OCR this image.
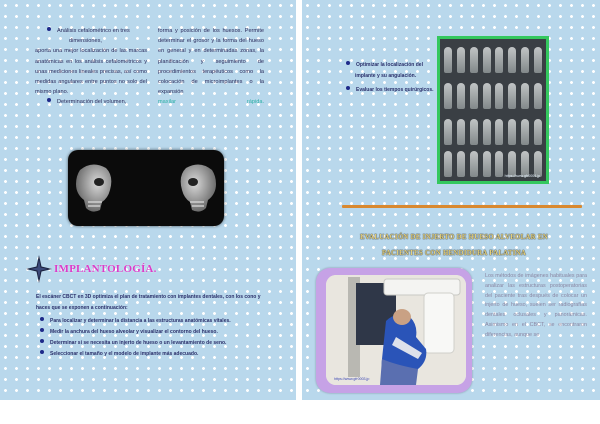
Análisis cefalométrico en tres
dimensiones,
aporta una mejor localización de las marcas anatómicas en los análisis cefalométricos y unas mediciones lineales precisas, así como medidas angulares entre puntos no solo del mismo plano.
Determinación del volumen,
forma y posición de los huesos. Permite determinar el grosor y la forma del hueso en general y en determinadas zonas, la planificación y seguimiento de procedimientos terapéuticos como la colocación de microimplantes o la expansión
maxilar	rápida.
IMPLANTOLOGÍA.
El escáner CBCT en 3D optimiza el plan de tratamiento con implantes dentales, con los cono y haces que se exponen a continuación:
Para localizar y determinar la distancia a las estructuras anatómicas vitales.
Medir la anchura del hueso alveolar y visualizar el contorno del hueso.
Determinar si se necesita un injerto de hueso o un levantamiento de seno.
Seleccionar el tamaño y el modelo de implante más adecuado.
Optimizar la localización del implante y su angulación.
Evaluar los tiempos quirúrgicos.
https://www.gfr0004.jp
EVALUACIÓN DE INJERTO DE HUESO ALVEOLAR EN
PACIENTES CON HENDIDURA PALATINA
https://www.gfr0003.jp
Los métodos de imágenes habituales para analizar las estructuras postoperatorias del paciente tras después de colocar un injerto de hueso, suelen ser radiografías dentales oclusales y panorámicas. Asimismo en el CBCT, se encontraron diferencias, aunque se
